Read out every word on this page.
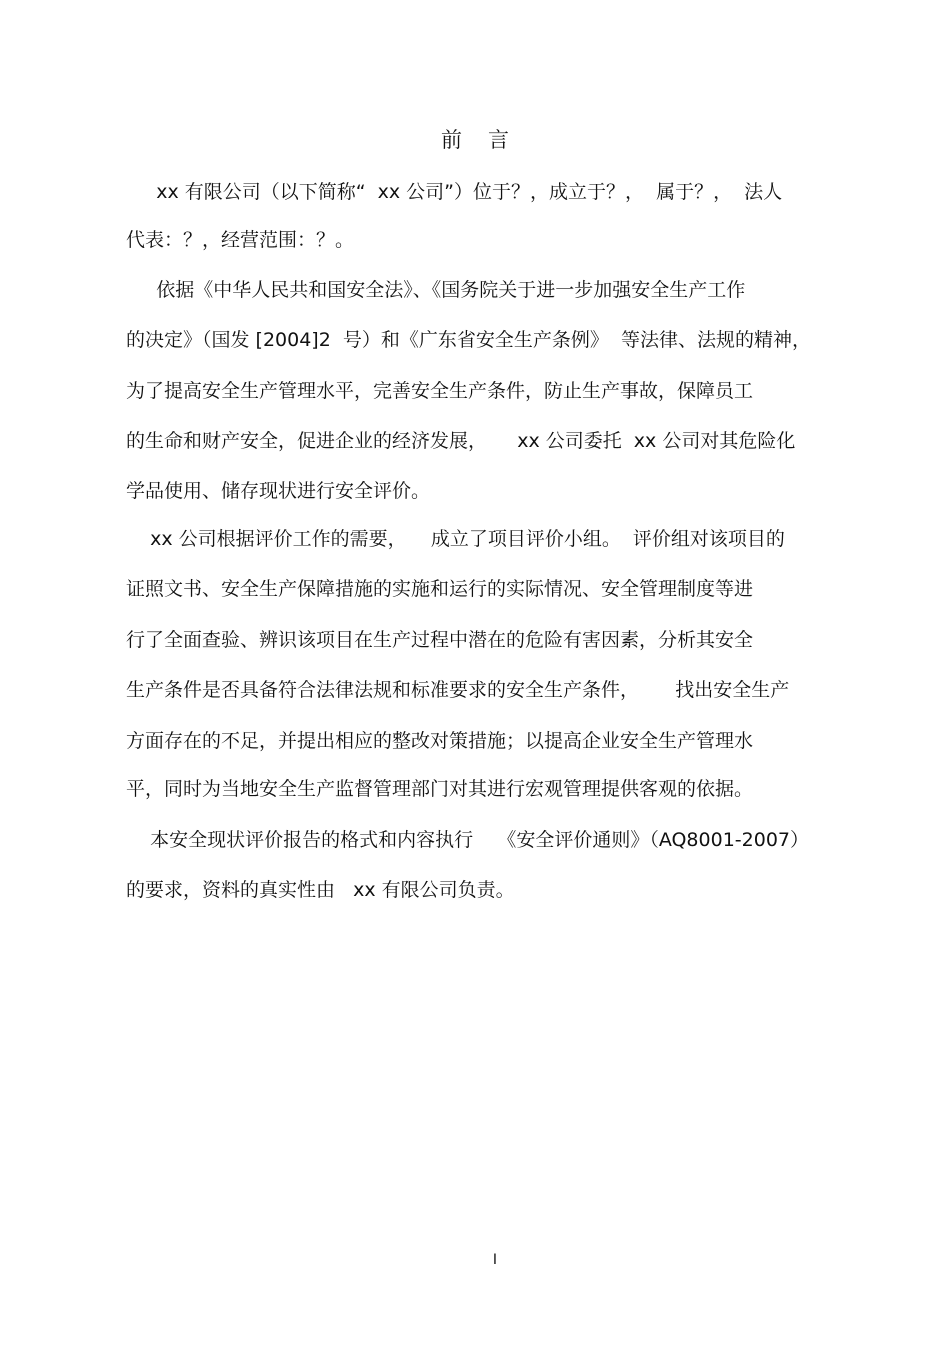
前言
xx 有限公司（以下简称“  xx 公司”）位于？，成立于？，  属于？，  法人
代表：？，经营范围：？。
依据《中华人民共和国安全法》、《国务院关于进一步加强安全生产工作
的决定》（国发 [2004]2  号）和《广东省安全生产条例》  等法律、法规的精神，
为了提高安全生产管理水平，完善安全生产条件，防止生产事故，保障员工
的生命和财产安全，促进企业的经济发展，     xx 公司委托  xx 公司对其危险化
学品使用、储存现状进行安全评价。
xx 公司根据评价工作的需要，    成立了项目评价小组。  评价组对该项目的
证照文书、安全生产保障措施的实施和运行的实际情况、安全管理制度等进
行了全面查验、辨识该项目在生产过程中潜在的危险有害因素，分析其安全
生产条件是否具备符合法律法规和标准要求的安全生产条件，      找出安全生产
方面存在的不足，并提出相应的整改对策措施；以提高企业安全生产管理水
平，同时为当地安全生产监督管理部门对其进行宏观管理提供客观的依据。
本安全现状评价报告的格式和内容执行    《安全评价通则》（AQ8001-2007）
的要求，资料的真实性由   xx 有限公司负责。
I
